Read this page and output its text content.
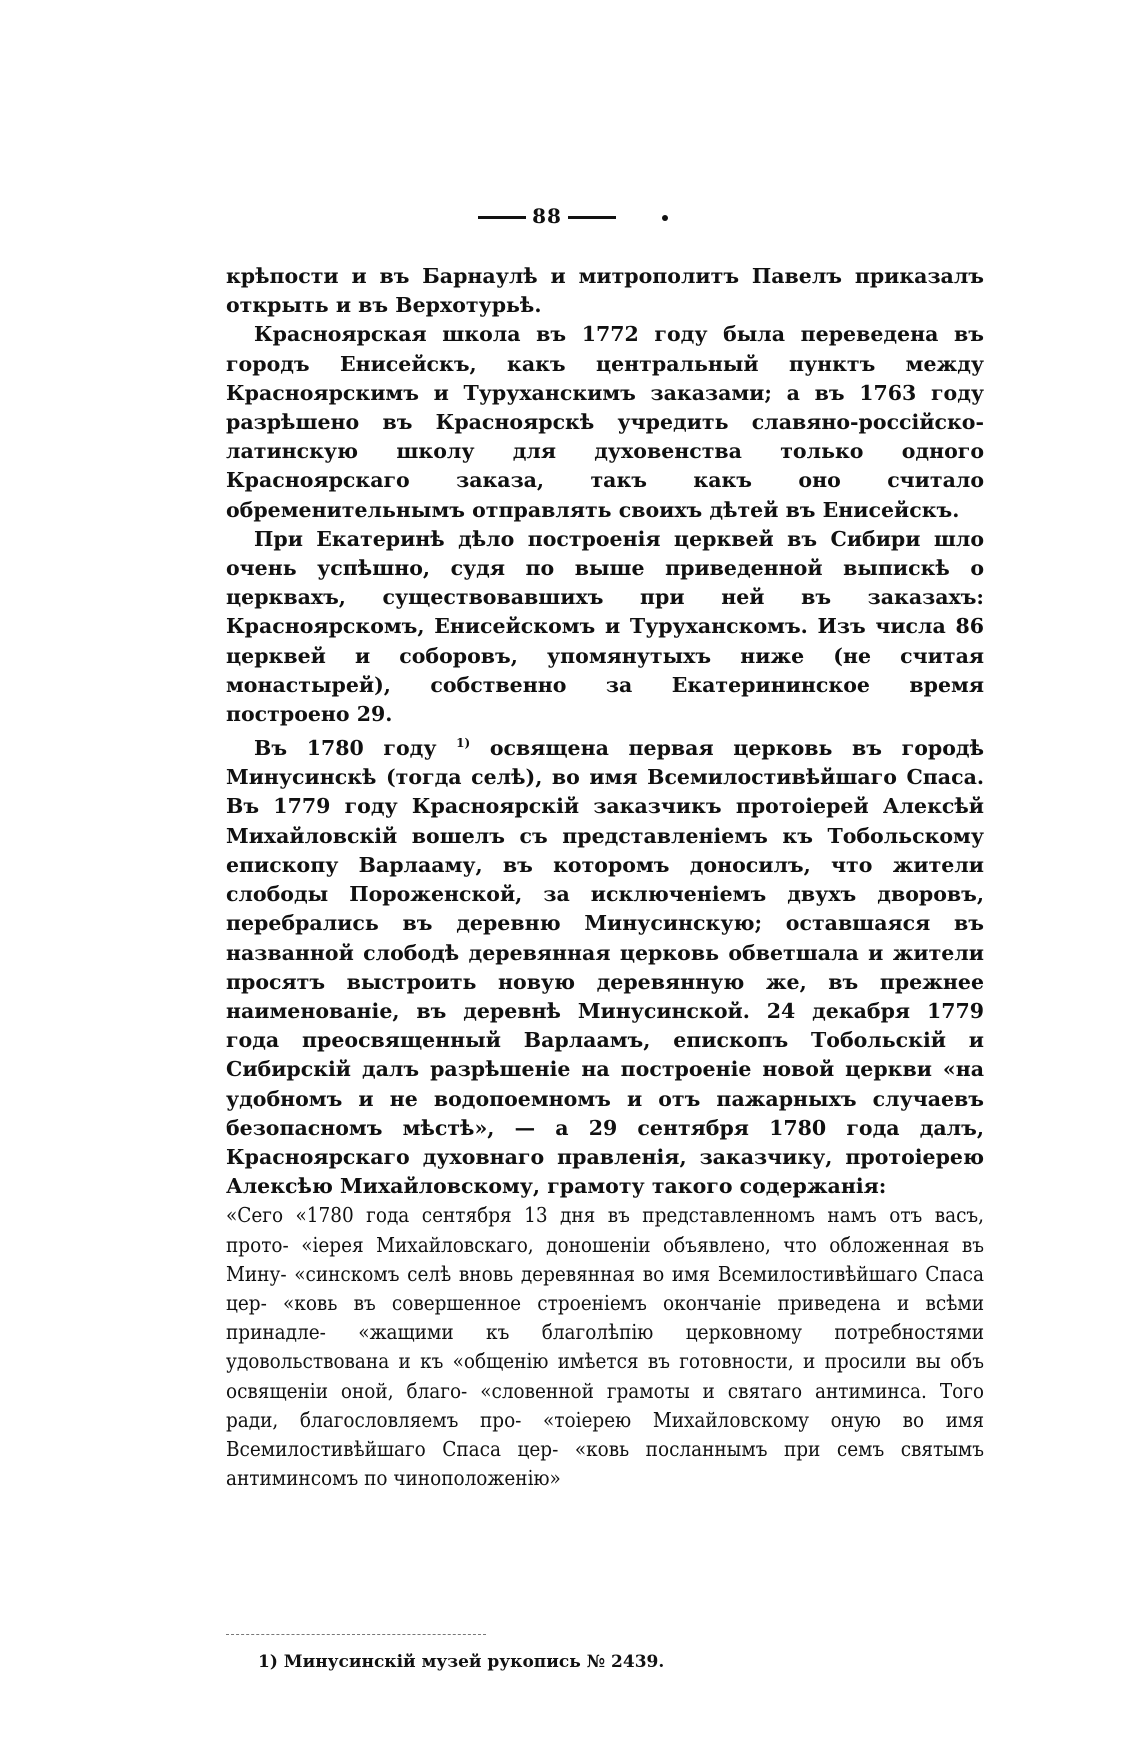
88

крѣпости и въ Барнаулѣ и митрополитъ Павелъ приказалъ открыть и въ Верхотурьѣ.

Красноярская школа въ 1772 году была переведена въ городъ Енисейскъ, какъ центральный пунктъ между Красноярскимъ и Туруханскимъ заказами; а въ 1763 году разрѣшено въ Красноярскѣ учредить славяно-россійско-латинскую школу для духовенства только одного Красноярскаго заказа, такъ какъ оно считало обременительнымъ отправлять своихъ дѣтей въ Енисейскъ.

При Екатеринѣ дѣло построенія церквей въ Сибири шло очень успѣшно, судя по выше приведенной выпискѣ о церквахъ, существовавшихъ при ней въ заказахъ: Красноярскомъ, Енисейскомъ и Туруханскомъ. Изъ числа 86 церквей и соборовъ, упомянутыхъ ниже (не считая монастырей), собственно за Екатерининское время построено 29.

Въ 1780 году $^{1)}$ освящена первая церковь въ городѣ Минусинскѣ (тогда селѣ), во имя Всемилостивѣйшаго Спаса. Въ 1779 году Красноярскій заказчикъ протоіерей Алексѣй Михайловскій вошелъ съ представленіемъ къ Тобольскому епископу Варлааму, въ которомъ доносилъ, что жители слободы Пороженской, за исключеніемъ двухъ дворовъ, перебрались въ деревню Минусинскую; оставшаяся въ названной слободѣ деревянная церковь обветшала и жители просятъ выстроить новую деревянную же, въ прежнее наименованіе, въ деревнѣ Минусинской. 24 декабря 1779 года преосвященный Варлаамъ, епископъ Тобольскій и Сибирскій далъ разрѣшеніе на построеніе новой церкви «на удобномъ и не водопоемномъ и отъ пажарныхъ случаевъ безопасномъ мѣстѣ», — а 29 сентября 1780 года далъ, Красноярскаго духовнаго правленія, заказчику, протоіерею Алексѣю Михайловскому, грамоту такого содержанія:

«Сего «1780 года сентября 13 дня въ представленномъ намъ отъ васъ, прото- «іерея Михайловскаго, доношеніи объявлено, что обложенная въ Мину- «синскомъ селѣ вновь деревянная во имя Всемилостивѣйшаго Спаса цер- «ковь въ совершенное строеніемъ окончаніе приведена и всѣми принадле- «жащими къ благолѣпію церковному потребностями удовольствована и къ «общенію имѣется въ готовности, и просили вы объ освященіи оной, благо- «словенной грамоты и святаго антиминса. Того ради, благословляемъ про- «тоіерею Михайловскому оную во имя Всемилостивѣйшаго Спаса цер- «ковь посланнымъ при семъ святымъ антиминсомъ по чиноположенію»

1) Минусинскій музей рукопись № 2439.
